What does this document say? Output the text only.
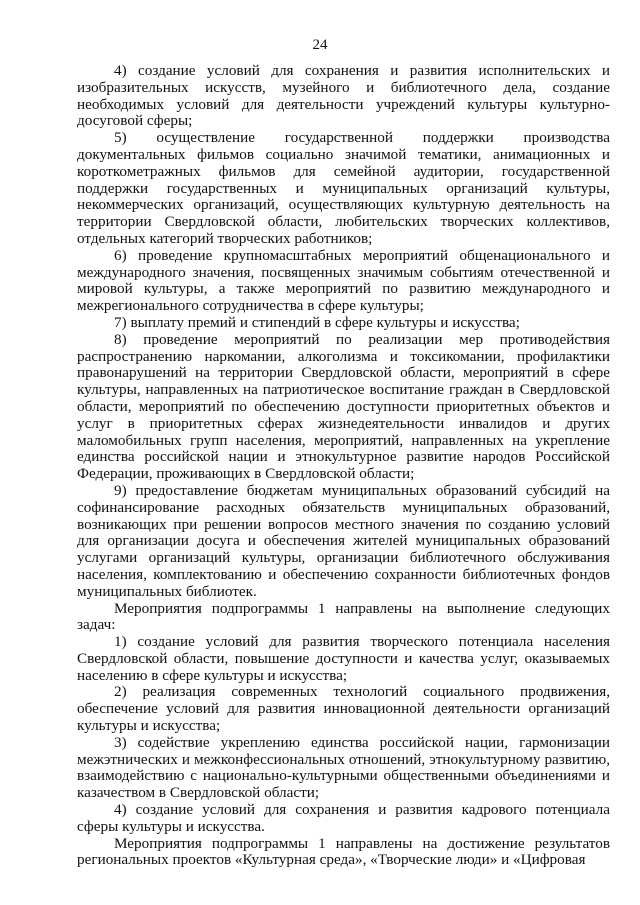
24

4) создание условий для сохранения и развития исполнительских и изобразительных искусств, музейного и библиотечного дела, создание необходимых условий для деятельности учреждений культуры культурно-досуговой сферы;

5) осуществление государственной поддержки производства документальных фильмов социально значимой тематики, анимационных и короткометражных фильмов для семейной аудитории, государственной поддержки государственных и муниципальных организаций культуры, некоммерческих организаций, осуществляющих культурную деятельность на территории Свердловской области, любительских творческих коллективов, отдельных категорий творческих работников;

6) проведение крупномасштабных мероприятий общенационального и международного значения, посвященных значимым событиям отечественной и мировой культуры, а также мероприятий по развитию международного и межрегионального сотрудничества в сфере культуры;

7) выплату премий и стипендий в сфере культуры и искусства;

8) проведение мероприятий по реализации мер противодействия распространению наркомании, алкоголизма и токсикомании, профилактики правонарушений на территории Свердловской области, мероприятий в сфере культуры, направленных на патриотическое воспитание граждан в Свердловской области, мероприятий по обеспечению доступности приоритетных объектов и услуг в приоритетных сферах жизнедеятельности инвалидов и других маломобильных групп населения, мероприятий, направленных на укрепление единства российской нации и этнокультурное развитие народов Российской Федерации, проживающих в Свердловской области;

9) предоставление бюджетам муниципальных образований субсидий на софинансирование расходных обязательств муниципальных образований, возникающих при решении вопросов местного значения по созданию условий для организации досуга и обеспечения жителей муниципальных образований услугами организаций культуры, организации библиотечного обслуживания населения, комплектованию и обеспечению сохранности библиотечных фондов муниципальных библиотек.

Мероприятия подпрограммы 1 направлены на выполнение следующих задач:

1) создание условий для развития творческого потенциала населения Свердловской области, повышение доступности и качества услуг, оказываемых населению в сфере культуры и искусства;

2) реализация современных технологий социального продвижения, обеспечение условий для развития инновационной деятельности организаций культуры и искусства;

3) содействие укреплению единства российской нации, гармонизации межэтнических и межконфессиональных отношений, этнокультурному развитию, взаимодействию с национально-культурными общественными объединениями и казачеством в Свердловской области;

4) создание условий для сохранения и развития кадрового потенциала сферы культуры и искусства.

Мероприятия подпрограммы 1 направлены на достижение результатов региональных проектов «Культурная среда», «Творческие люди» и «Цифровая
